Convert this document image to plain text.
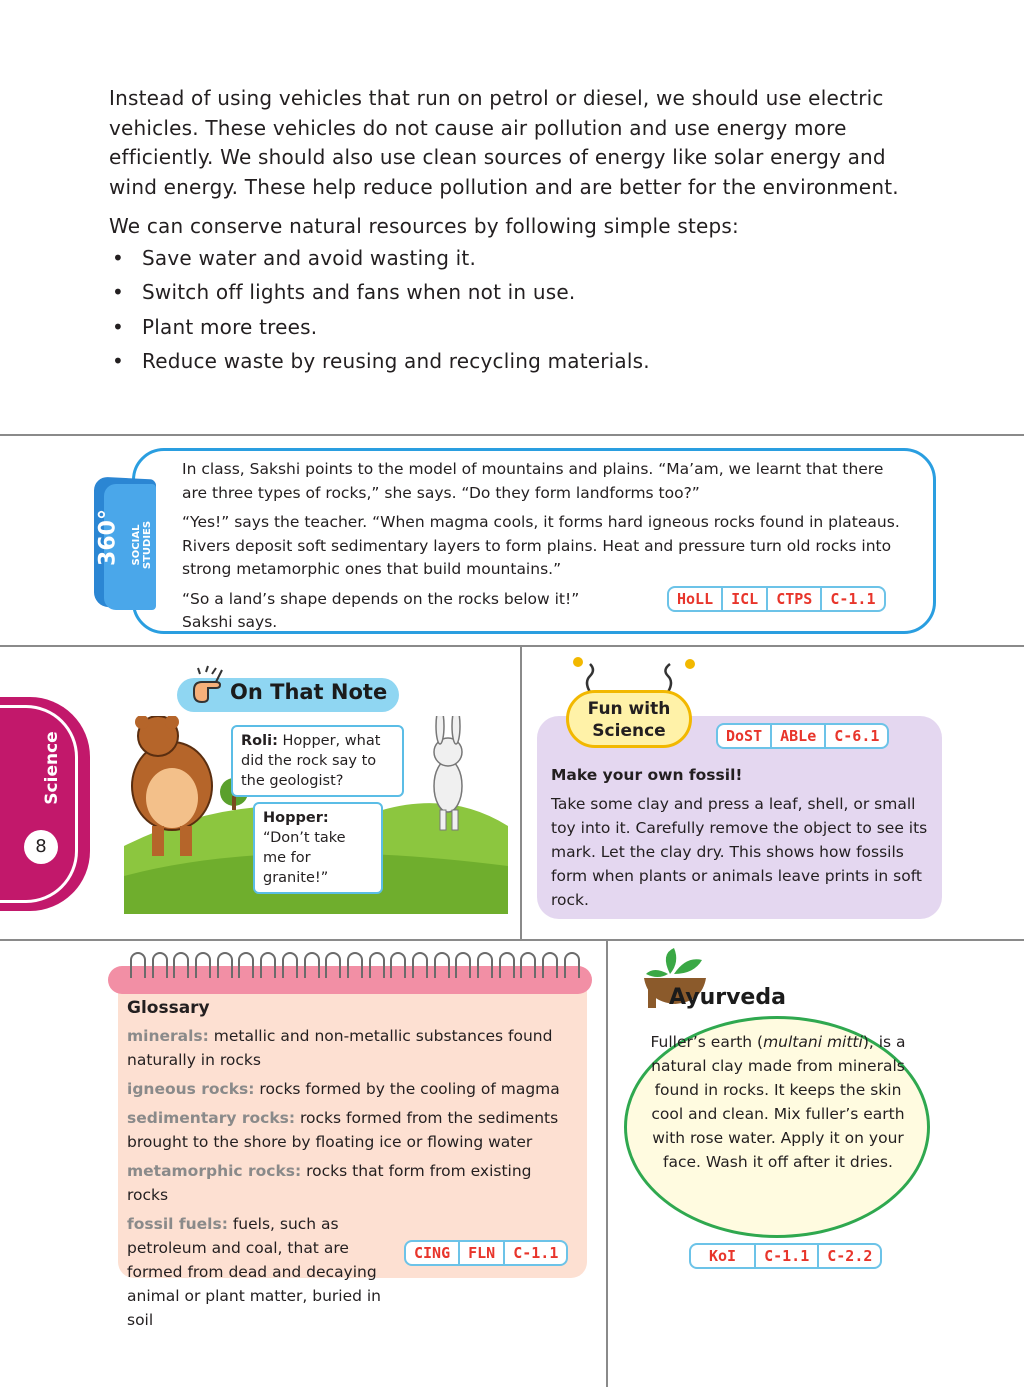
Instead of using vehicles that run on petrol or diesel, we should use electric vehicles. These vehicles do not cause air pollution and use energy more efficiently. We should also use clean sources of energy like solar energy and wind energy. These help reduce pollution and are better for the environment.

We can conserve natural resources by following simple steps:

• Save water and avoid wasting it.
• Switch off lights and fans when not in use.
• Plant more trees.
• Reduce waste by reusing and recycling materials.
360° SOCIAL
STUDIES

In class, Sakshi points to the model of mountains and plains. “Ma’am, we learnt that there are three types of rocks,” she says. “Do they form landforms too?”

“Yes!” says the teacher. “When magma cools, it forms hard igneous rocks found in plateaus. Rivers deposit soft sedimentary layers to form plains. Heat and pressure turn old rocks into strong metamorphic ones that build mountains.”

“So a land’s shape depends on the rocks below it!” Sakshi says.

HoLL	ICL	CTPS	C-1.1
Science
8
On That Note
Roli: Hopper, what did the rock say to the geologist?
Hopper: “Don’t take me for granite!”
Fun with
Science	DoST	ABLe	C-6.1
Make your own fossil!
Take some clay and press a leaf, shell, or small toy into it. Carefully remove the object to see its mark. Let the clay dry. This shows how fossils form when plants or animals leave prints in soft rock.
Glossary

minerals: metallic and non-metallic substances found naturally in rocks

igneous rocks: rocks formed by the cooling of magma

sedimentary rocks: rocks formed from the sediments brought to the shore by floating ice or flowing water

metamorphic rocks: rocks that form from existing rocks

fossil fuels: fuels, such as petroleum and coal, that are formed from dead and decaying animal or plant matter, buried in soil

CING	FLN	C-1.1
Ayurveda
Fuller’s earth (multani mitti), is a natural clay made from minerals found in rocks. It keeps the skin cool and clean. Mix fuller’s earth with rose water. Apply it on your face. Wash it off after it dries.
KoI	C-1.1	C-2.2
